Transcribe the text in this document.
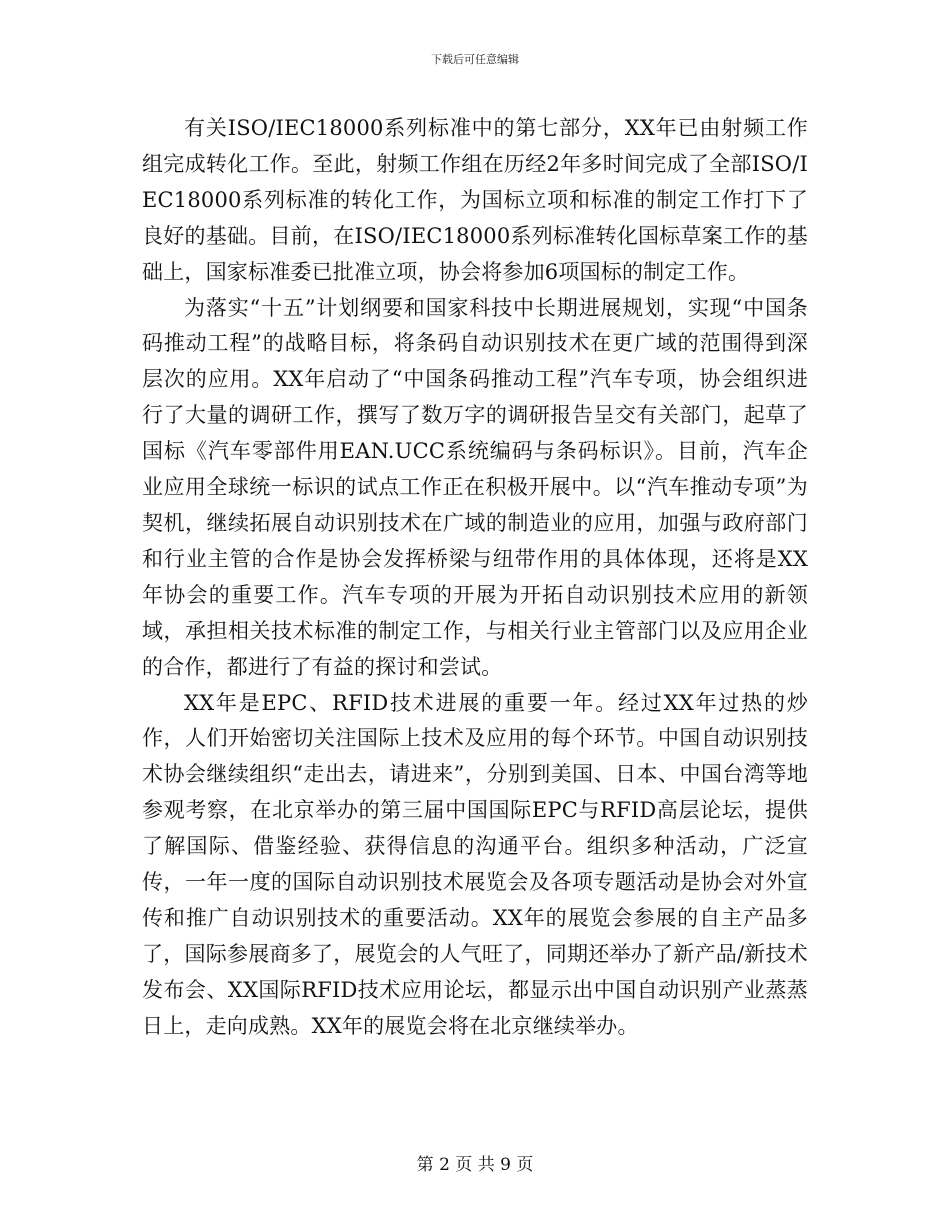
下载后可任意编辑

有关ISO/IEC18000系列标准中的第七部分，XX年已由射频工作组完成转化工作。至此，射频工作组在历经2年多时间完成了全部ISO/IEC18000系列标准的转化工作，为国标立项和标准的制定工作打下了良好的基础。目前，在ISO/IEC18000系列标准转化国标草案工作的基础上，国家标准委已批准立项，协会将参加6项国标的制定工作。

为落实“十五”计划纲要和国家科技中长期进展规划，实现“中国条码推动工程”的战略目标，将条码自动识别技术在更广域的范围得到深层次的应用。XX年启动了“中国条码推动工程”汽车专项，协会组织进行了大量的调研工作，撰写了数万字的调研报告呈交有关部门，起草了国标《汽车零部件用EAN.UCC系统编码与条码标识》。目前，汽车企业应用全球统一标识的试点工作正在积极开展中。以“汽车推动专项”为契机，继续拓展自动识别技术在广域的制造业的应用，加强与政府部门和行业主管的合作是协会发挥桥梁与纽带作用的具体体现，还将是XX年协会的重要工作。汽车专项的开展为开拓自动识别技术应用的新领域，承担相关技术标准的制定工作，与相关行业主管部门以及应用企业的合作，都进行了有益的探讨和尝试。

XX年是EPC、RFID技术进展的重要一年。经过XX年过热的炒作，人们开始密切关注国际上技术及应用的每个环节。中国自动识别技术协会继续组织“走出去，请进来”，分别到美国、日本、中国台湾等地参观考察，在北京举办的第三届中国国际EPC与RFID高层论坛，提供了解国际、借鉴经验、获得信息的沟通平台。组织多种活动，广泛宣传，一年一度的国际自动识别技术展览会及各项专题活动是协会对外宣传和推广自动识别技术的重要活动。XX年的展览会参展的自主产品多了，国际参展商多了，展览会的人气旺了，同期还举办了新产品/新技术发布会、XX国际RFID技术应用论坛，都显示出中国自动识别产业蒸蒸日上，走向成熟。XX年的展览会将在北京继续举办。

第 2 页 共 9 页
